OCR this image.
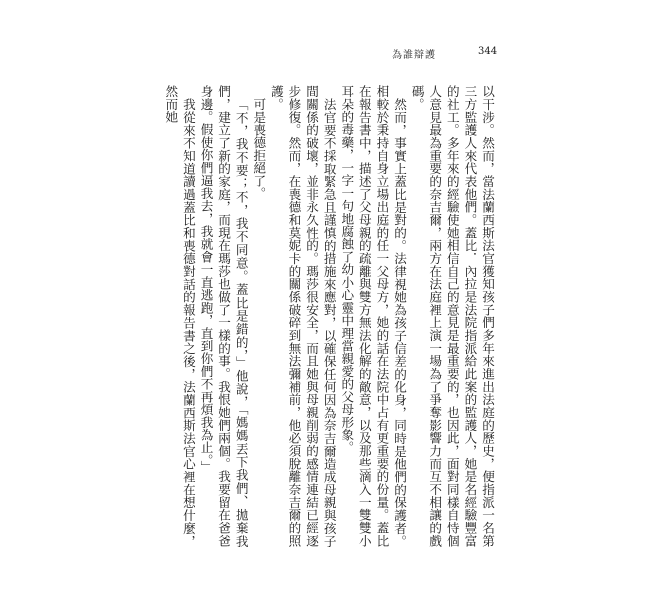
為誰辯護	344

以干涉。然而，當法蘭西斯法官獲知孩子們多年來進出法庭的歷史，便指派一名第三方監護人來代表他們。蓋比．內拉是法院指派給此案的監護人，她是名經驗豐富的社工。多年來的經驗使她相信自己的意見是最重要的，也因此，面對同樣自恃個人意見最為重要的奈吉爾，兩方在法庭裡上演一場為了爭奪影響力而互不相讓的戲碼。

然而，事實上蓋比是對的。法律視她為孩子信差的化身，同時是他們的保護者。相較於秉持自身立場出庭的任一父母方，她的話在法院中占有更重要的份量。蓋比在報告書中，描述了父母親的疏離與雙方無法化解的敵意，以及那些滴入一雙雙小耳朵的毒藥，一字一句地腐蝕了幼小心靈中理當親愛的父母形象。

法官要不採取緊急且謹慎的措施來應對，以確保任何因為奈吉爾造成母親與孩子間關係的破壞，並非永久性的。瑪莎很安全，而且她與母親削弱的感情連結已經逐步修復。然而，在喪德和莫妮卡的關係破碎到無法彌補前，他必須脫離奈吉爾的照護。

可是喪德拒絕了。

「不，我不要；不，我不同意。蓋比是錯的，」他說，「媽媽丟下我們、拋棄我們，建立了新的家庭，而現在瑪莎也做了一樣的事。我恨她們兩個。我要留在爸爸身邊。假使你們逼我去，我就會一直逃跑，直到你們不再煩我為止。」

我從來不知道讀過蓋比和喪德對話的報告書之後，法蘭西斯法官心裡在想什麼，然而她
